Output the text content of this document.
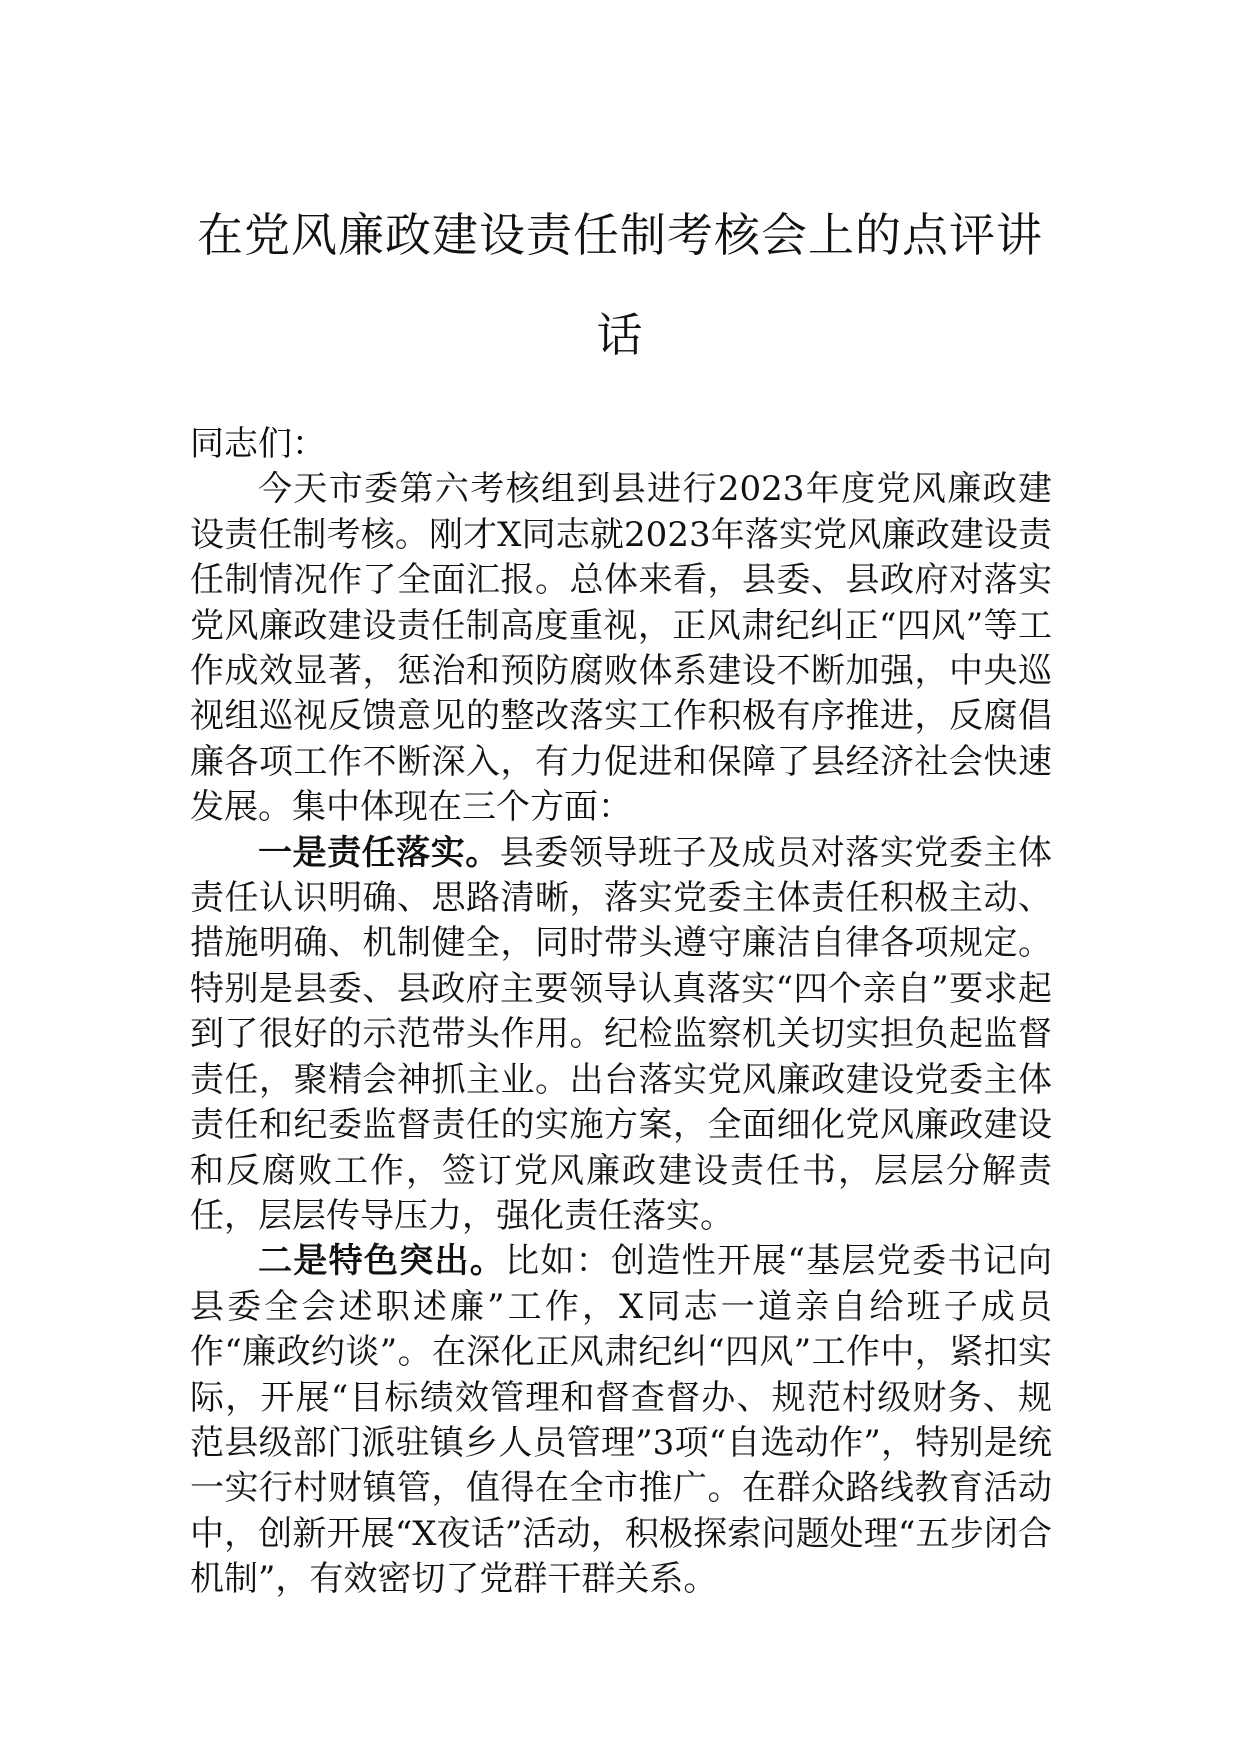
在党风廉政建设责任制考核会上的点评讲话

同志们：

今天市委第六考核组到县进行2023年度党风廉政建设责任制考核。刚才X同志就2023年落实党风廉政建设责任制情况作了全面汇报。总体来看，县委、县政府对落实党风廉政建设责任制高度重视，正风肃纪纠正“四风”等工作成效显著，惩治和预防腐败体系建设不断加强，中央巡视组巡视反馈意见的整改落实工作积极有序推进，反腐倡廉各项工作不断深入，有力促进和保障了县经济社会快速发展。集中体现在三个方面：

一是责任落实。县委领导班子及成员对落实党委主体责任认识明确、思路清晰，落实党委主体责任积极主动、措施明确、机制健全，同时带头遵守廉洁自律各项规定。特别是县委、县政府主要领导认真落实“四个亲自”要求起到了很好的示范带头作用。纪检监察机关切实担负起监督责任，聚精会神抓主业。出台落实党风廉政建设党委主体责任和纪委监督责任的实施方案，全面细化党风廉政建设和反腐败工作，签订党风廉政建设责任书，层层分解责任，层层传导压力，强化责任落实。

二是特色突出。比如：创造性开展“基层党委书记向县委全会述职述廉”工作，X同志一道亲自给班子成员作“廉政约谈”。在深化正风肃纪纠“四风”工作中，紧扣实际，开展“目标绩效管理和督查督办、规范村级财务、规范县级部门派驻镇乡人员管理”3项“自选动作”，特别是统一实行村财镇管，值得在全市推广。在群众路线教育活动中，创新开展“X夜话”活动，积极探索问题处理“五步闭合机制”，有效密切了党群干群关系。
